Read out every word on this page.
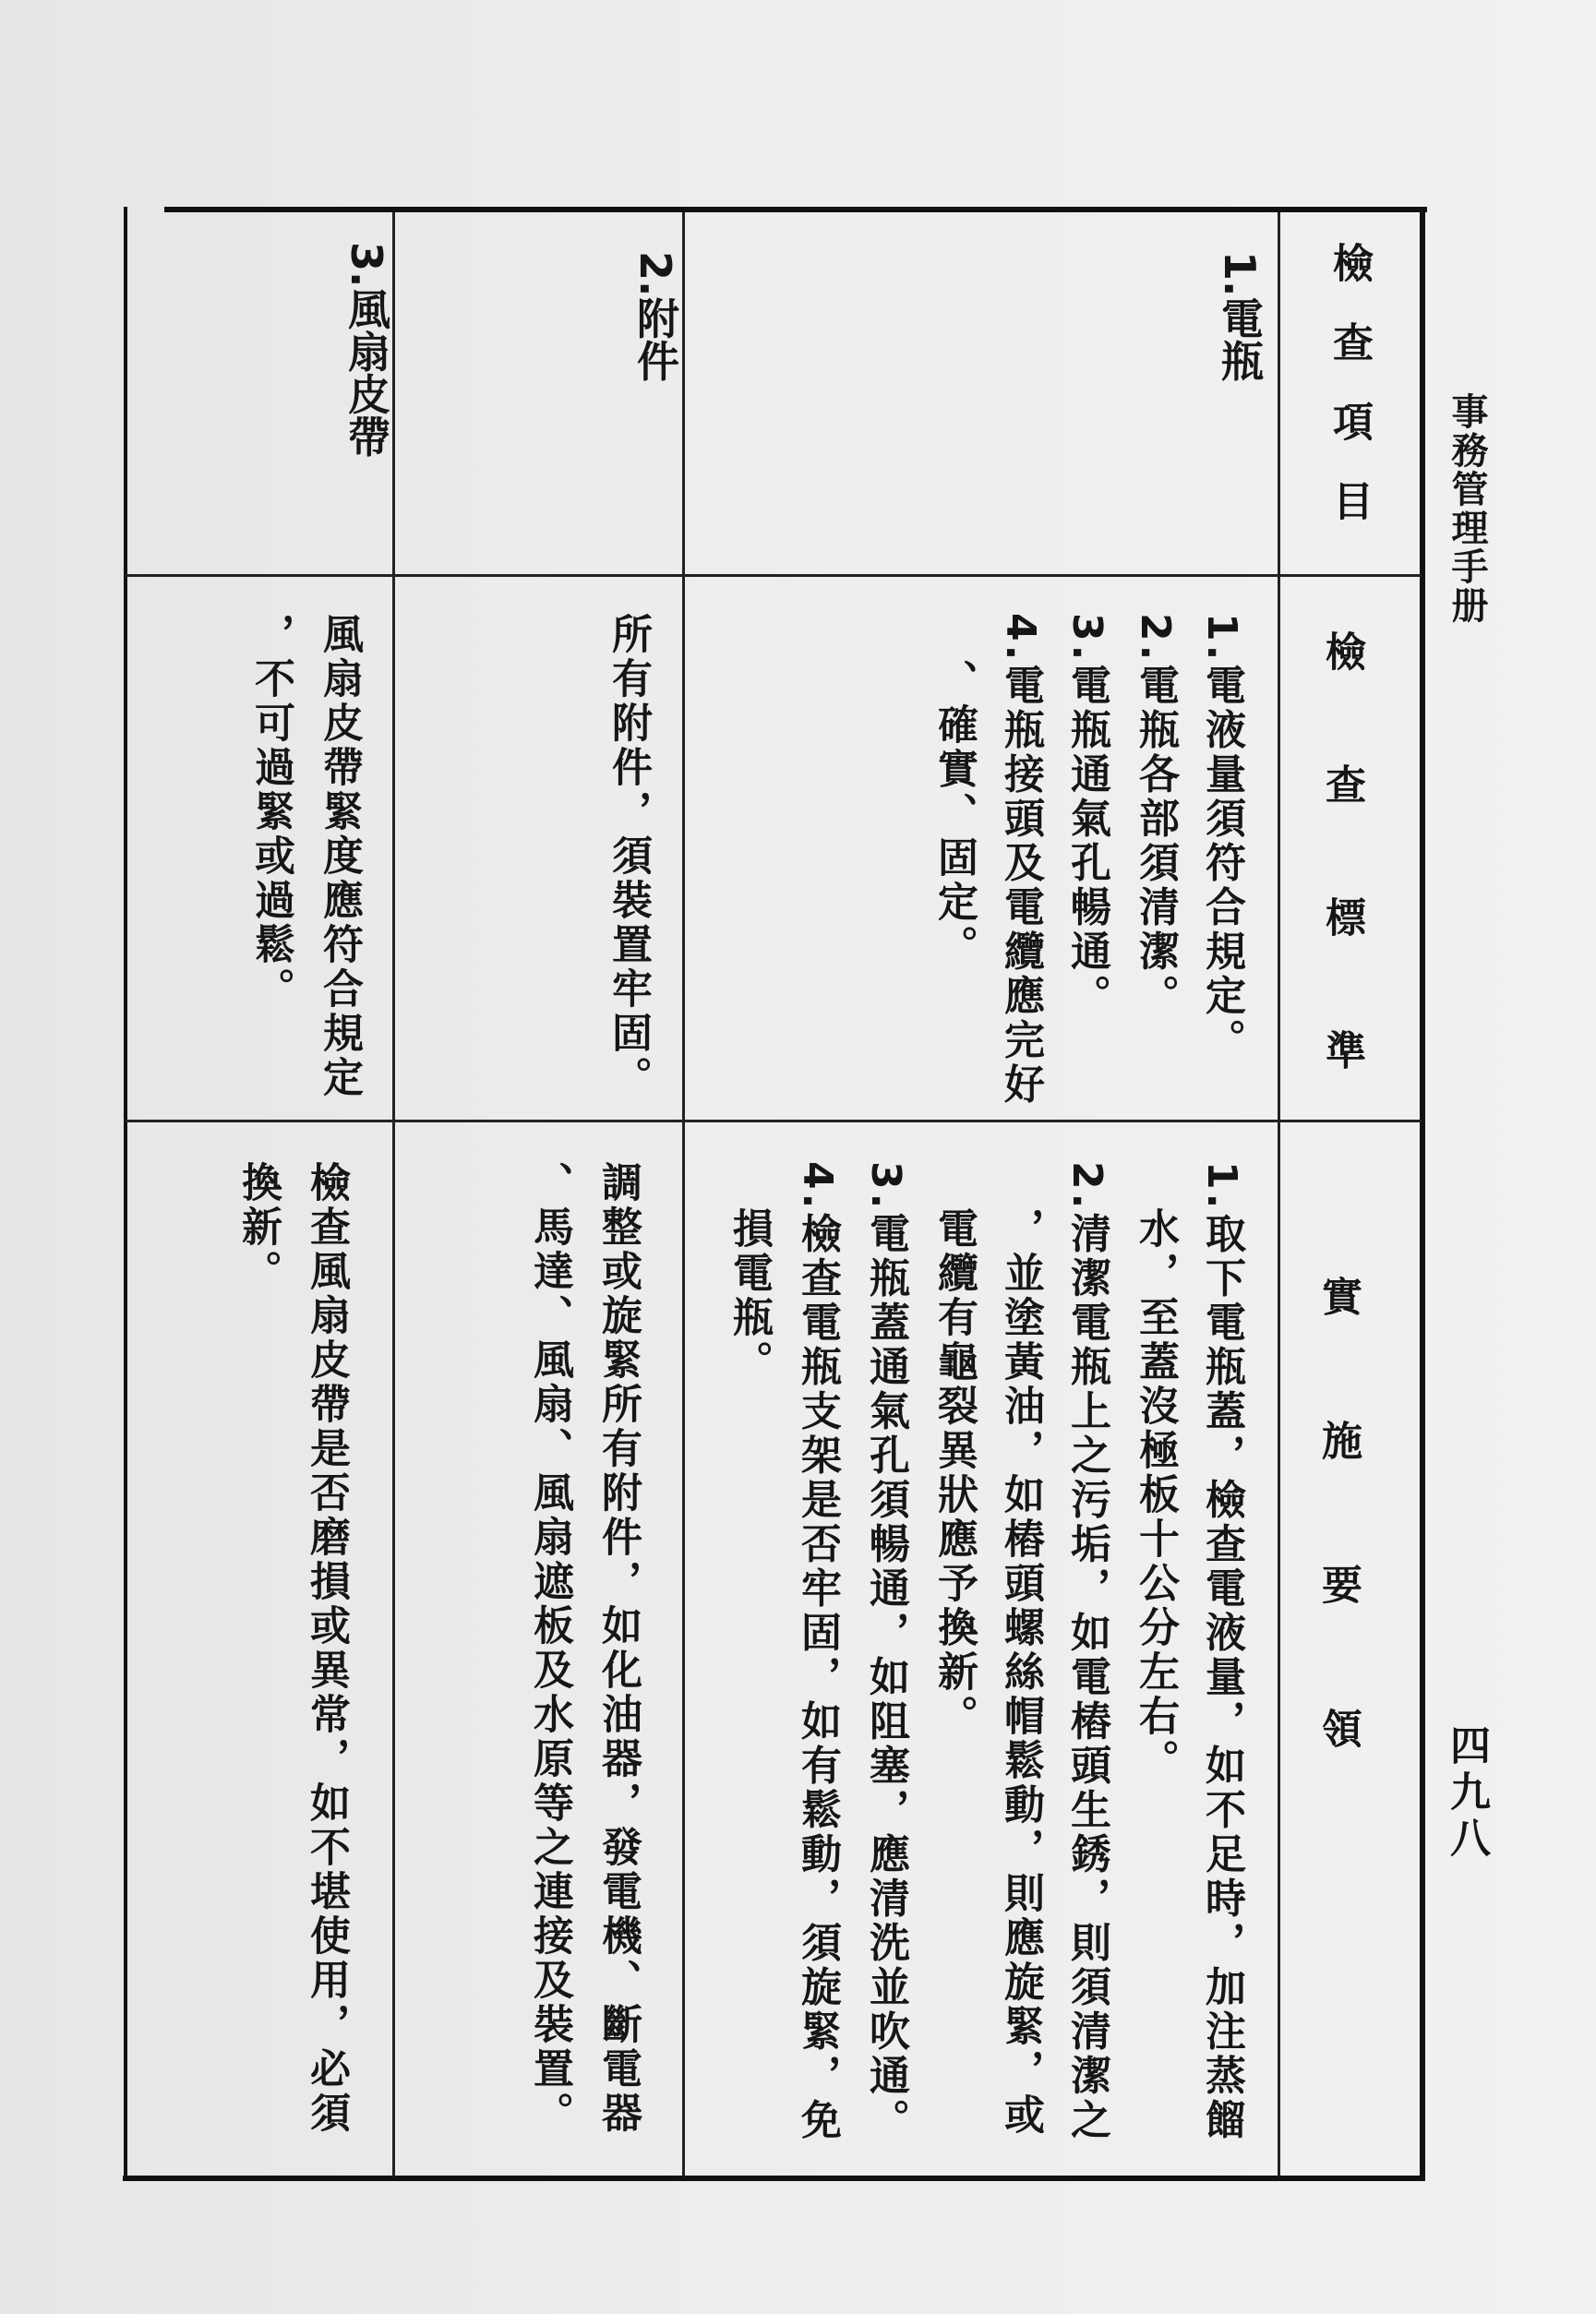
⠀
事務管理手册
四九八
檢查項目
檢查標準
實施要領
1.電瓶
1.電液量須符合規定。
2.電瓶各部須清潔。
3.電瓶通氣孔暢通。
4.電瓶接頭及電纜應完好
、確實、固定。
1.取下電瓶蓋，檢查電液量，如不足時，加注蒸餾
水，至蓋沒極板十公分左右。
2.清潔電瓶上之污垢，如電樁頭生銹，則須清潔之
，並塗黃油，如樁頭螺絲帽鬆動，則應旋緊，或
電纜有龜裂異狀應予換新。
3.電瓶蓋通氣孔須暢通，如阻塞，應清洗並吹通。
4.檢查電瓶支架是否牢固，如有鬆動，須旋緊，免
損電瓶。
2.附件
所有附件，須裝置牢固。
調整或旋緊所有附件，如化油器，發電機、斷電器
、馬達、風扇、風扇遮板及水原等之連接及裝置。
3.風扇皮帶
風扇皮帶緊度應符合規定
，不可過緊或過鬆。
檢查風扇皮帶是否磨損或異常，如不堪使用，必須
換新。
